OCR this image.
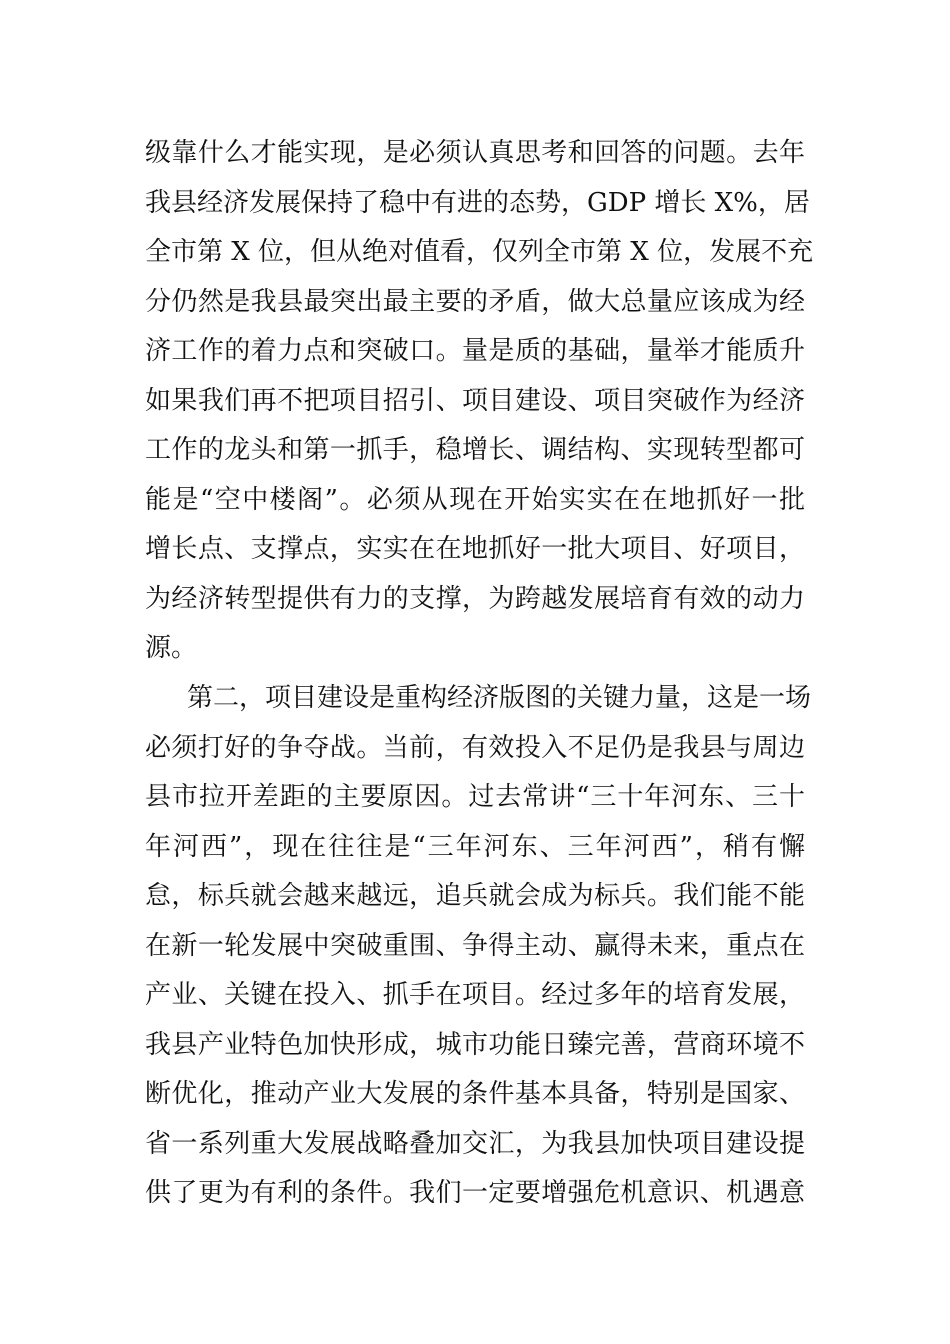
级靠什么才能实现，是必须认真思考和回答的问题。去年
我县经济发展保持了稳中有进的态势，GDP 增长 X%，居
全市第 X 位，但从绝对值看，仅列全市第 X 位，发展不充
分仍然是我县最突出最主要的矛盾，做大总量应该成为经
济工作的着力点和突破口。量是质的基础，量举才能质升
如果我们再不把项目招引、项目建设、项目突破作为经济
工作的龙头和第一抓手，稳增长、调结构、实现转型都可
能是“空中楼阁”。必须从现在开始实实在在地抓好一批
增长点、支撑点，实实在在地抓好一批大项目、好项目，
为经济转型提供有力的支撑，为跨越发展培育有效的动力
源。
第二，项目建设是重构经济版图的关键力量，这是一场
必须打好的争夺战。当前，有效投入不足仍是我县与周边
县市拉开差距的主要原因。过去常讲“三十年河东、三十
年河西”，现在往往是“三年河东、三年河西”，稍有懈
怠，标兵就会越来越远，追兵就会成为标兵。我们能不能
在新一轮发展中突破重围、争得主动、赢得未来，重点在
产业、关键在投入、抓手在项目。经过多年的培育发展，
我县产业特色加快形成，城市功能日臻完善，营商环境不
断优化，推动产业大发展的条件基本具备，特别是国家、
省一系列重大发展战略叠加交汇，为我县加快项目建设提
供了更为有利的条件。我们一定要增强危机意识、机遇意
